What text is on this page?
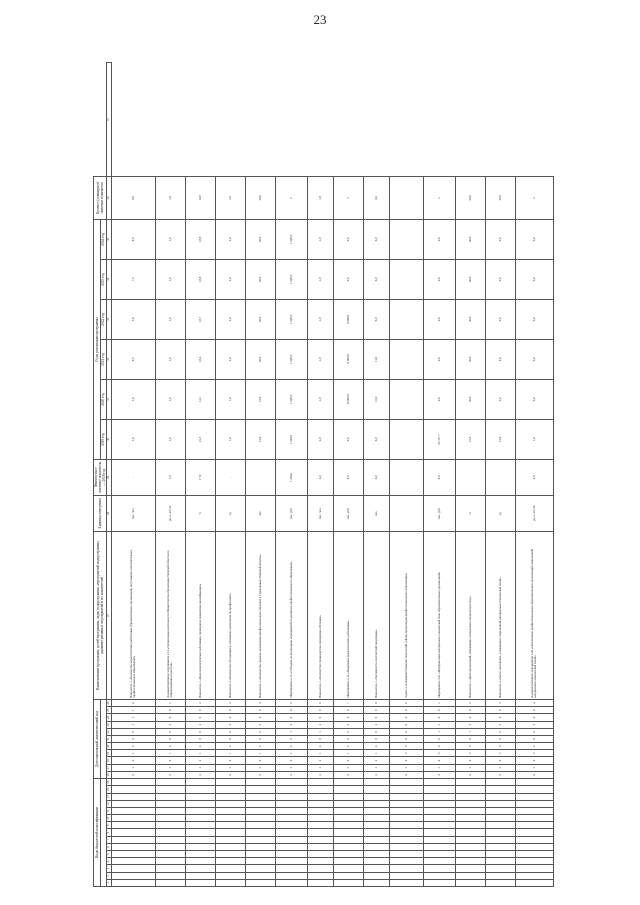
23
Коды бюджетной классификации															Дополнительный аналитический код											Наименование программы, целей программы, задач подпрограммы, мероприятий подпрограммы, административных мероприятий и их показателей	Единица измерения	Фактическое значение показателя — 2018 год	Годы реализации программы						Целевое (суммарное) значение показателя	
																													2019 год	2020 год	2021 год	2022 год	2023 год	2024 год		
1	2	3	4	5	6	7	8	9	10	11	12	13	14	15	16	17	18	19	20	21	22	23	24	25	26	27	28	29	30	31	32	33	34	35	36	37
															4	1	4	1	4	0	0	1	1	1	0	Показатель 1 «Количество педагогических работников образовательных организаций, получивших дополнительное профессиональное образование»	тыс. чел.	-	3,0	3,0	6,5	5,0	7,5	8,0	8,0	
															4	1	4	1	4	0	0	2	0	0	1	Административное мероприятие 2.14 «Организация деятельности Министерства образования Тверской области по сопровождению педагогов»	(да-1, нет-0)	1,0	1,0	1,0	1,0	1,0	1,0	1,0	1,0	
															4	1	4	1	4	0	0	2	0	0	2	Показатель 1 «Доля педагогических работников, прошедших повышение квалификации»	%	17,9	21,5	12,1	18,6	18,7	18,8	18,9	18,9	
															4	1	4	1	4	0	0	2	0	0	3	Показатель 2 «Количество обучающихся, освоивших программы по профессиям»	ед.	-	1,0	1,0	2,0	2,0	2,0	2,0	2,0	
															4	1	4	1	4	0	0	2	0	0	4	Показатель 3 «Количество граждан, прошедших профессиональное обучение в учреждениях Тверской области»	чел.		12,0	15,0	20,0	20,0	20,0	20,0	20,0	
															4	1	4	1	4	0	1	2	0	0	5	Мероприятие 2.15 «Субсидии на реализацию мероприятий по развитию профессионального образования»	тыс. руб.	1 254,6	1 004,5	1 029,4	1 029,4	1 029,4	1 029,4	1 029,4	х	
															4	1	4	1	4	0	1	2	0	0	6	Показатель 1 «Количество специалистов, прошедших обучение»	тыс. чел.	2,0	2,0	1,8	1,8	1,8	1,8	1,8	1,8	
															4	1	4	1	4	0	0	2	0	0	7	Мероприятие 2.16 «Поддержка педагогических работников»	тыс. руб.	0,0	0,0	15 000,0	11 800,0	9 800,0	0,0	0,0	х	
															4	1	4	1	4	0	0	2	0	0	8	Показатель 1 «Численность получателей поддержки»	чел.	0,0	0,0	15,0	11,0	9,0	0,0	0,0	0,0	
															4	1	4	3	0	0	0	0	0	0	0	Задача 3 «Совершенствование технологий и форм организации профессионального образования»										
															4	1	4	3	0	0	1	3	0	0	1	Мероприятие 3.01 «Модернизация материально-технической базы образовательных организаций»	тыс. руб.	0,0	55 767,7	0,0	0,0	0,0	0,0	0,0	х	
															4	1	4	3	0	0	1	3	0	0	2	Показатель 1 «Доля организаций, обновивших материально-техническую базу»	%		15,5	20,0	20,0	30,0	40,0	50,0	50,0	
															4	1	4	3	0	0	0	3	0	0	3	Показатель 2 «Число мастерских, оснащенных современной материально-технической базой»	ед.		12,0	5,0	8,0	0,0	0,0	0,0	25,0	
															4	1	4	3	4	0	0	3	0	0	4	Административное мероприятие 3.02 «Обеспечение профессиональных образовательных организаций современной материально-технической базой»	(да-1, нет-0)	0,0	1,0	0,0	0,0	0,0	0,0	0,0	х	
